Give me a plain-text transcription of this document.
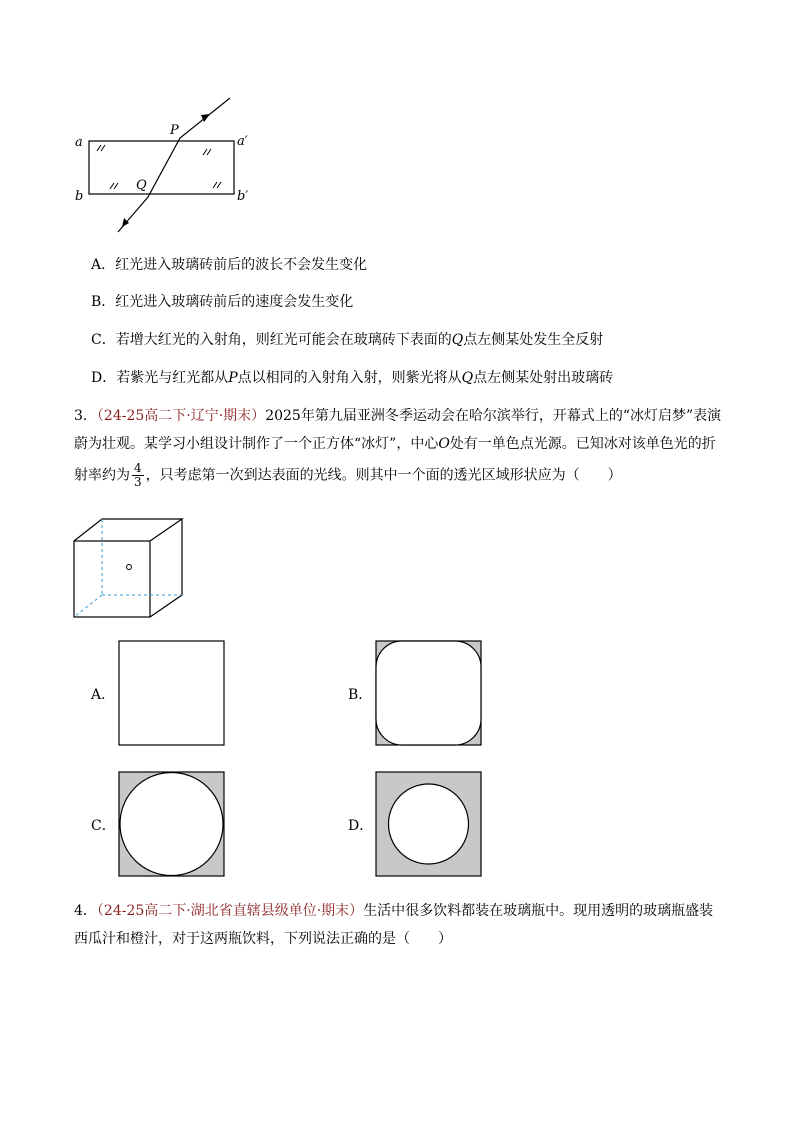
a	a′
b	b′
P
Q
A．红光进入玻璃砖前后的波长不会发生变化
B．红光进入玻璃砖前后的速度会发生变化
C．若增大红光的入射角，则红光可能会在玻璃砖下表面的Q点左侧某处发生全反射
D．若紫光与红光都从P点以相同的入射角入射，则紫光将从Q点左侧某处射出玻璃砖
3．（24-25高二下·辽宁·期末）2025年第九届亚洲冬季运动会在哈尔滨举行，开幕式上的“冰灯启梦”表演
蔚为壮观。某学习小组设计制作了一个正方体“冰灯”，中心O处有一单色点光源。已知冰对该单色光的折
射率约为 $\frac{4}{3}$ ，只考虑第一次到达表面的光线。则其中一个面的透光区域形状应为（　　）
A．	B．
C．	D．
4．（24-25高二下·湖北省直辖县级单位·期末）生活中很多饮料都装在玻璃瓶中。现用透明的玻璃瓶盛装
西瓜汁和橙汁，对于这两瓶饮料，下列说法正确的是（　　）
